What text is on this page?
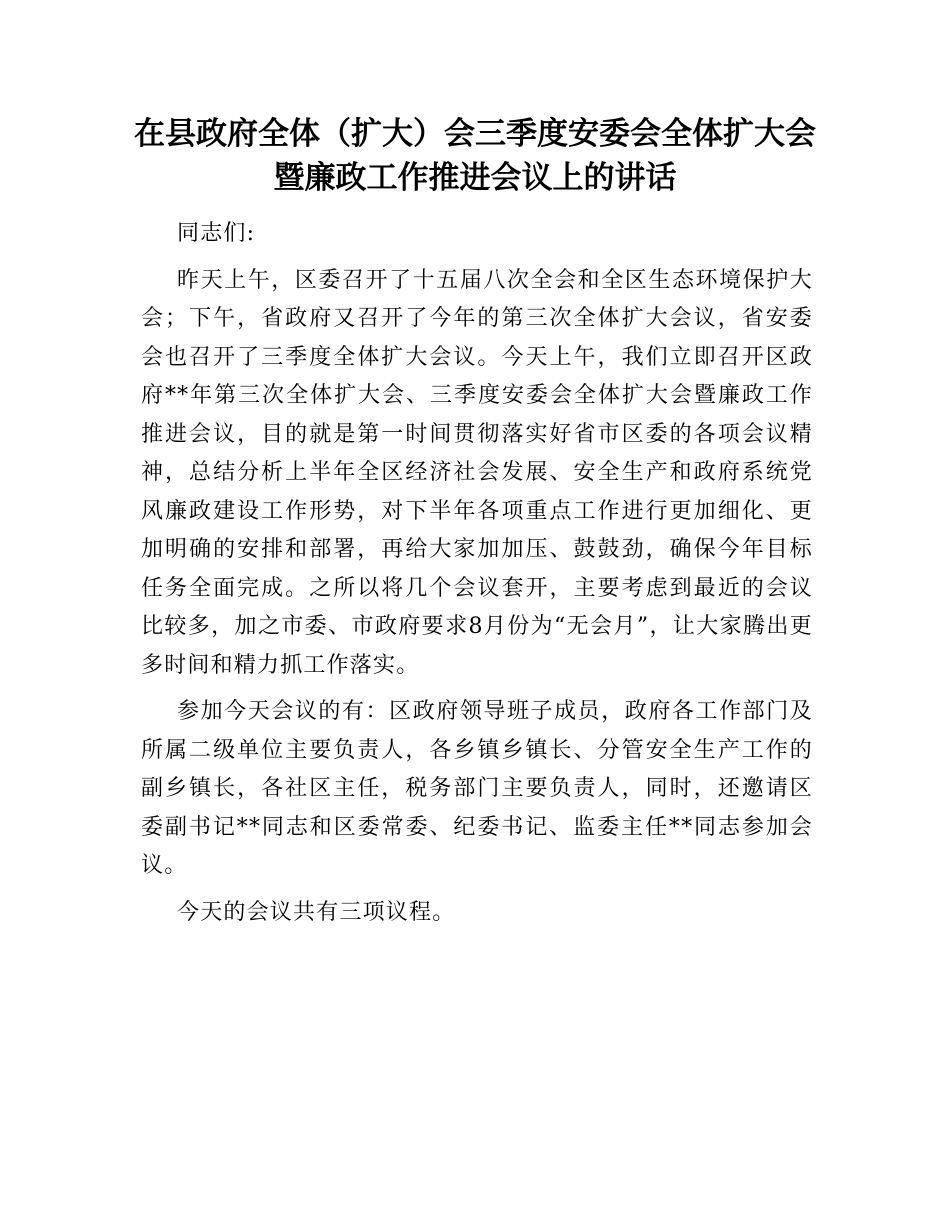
在县政府全体（扩大）会三季度安委会全体扩大会暨廉政工作推进会议上的讲话

同志们:

昨天上午，区委召开了十五届八次全会和全区生态环境保护大会；下午，省政府又召开了今年的第三次全体扩大会议，省安委会也召开了三季度全体扩大会议。今天上午，我们立即召开区政府**年第三次全体扩大会、三季度安委会全体扩大会暨廉政工作推进会议，目的就是第一时间贯彻落实好省市区委的各项会议精神，总结分析上半年全区经济社会发展、安全生产和政府系统党风廉政建设工作形势，对下半年各项重点工作进行更加细化、更加明确的安排和部署，再给大家加加压、鼓鼓劲，确保今年目标任务全面完成。之所以将几个会议套开，主要考虑到最近的会议比较多，加之市委、市政府要求8月份为“无会月”，让大家腾出更多时间和精力抓工作落实。

参加今天会议的有：区政府领导班子成员，政府各工作部门及所属二级单位主要负责人，各乡镇乡镇长、分管安全生产工作的副乡镇长，各社区主任，税务部门主要负责人，同时，还邀请区委副书记**同志和区委常委、纪委书记、监委主任**同志参加会议。

今天的会议共有三项议程。
